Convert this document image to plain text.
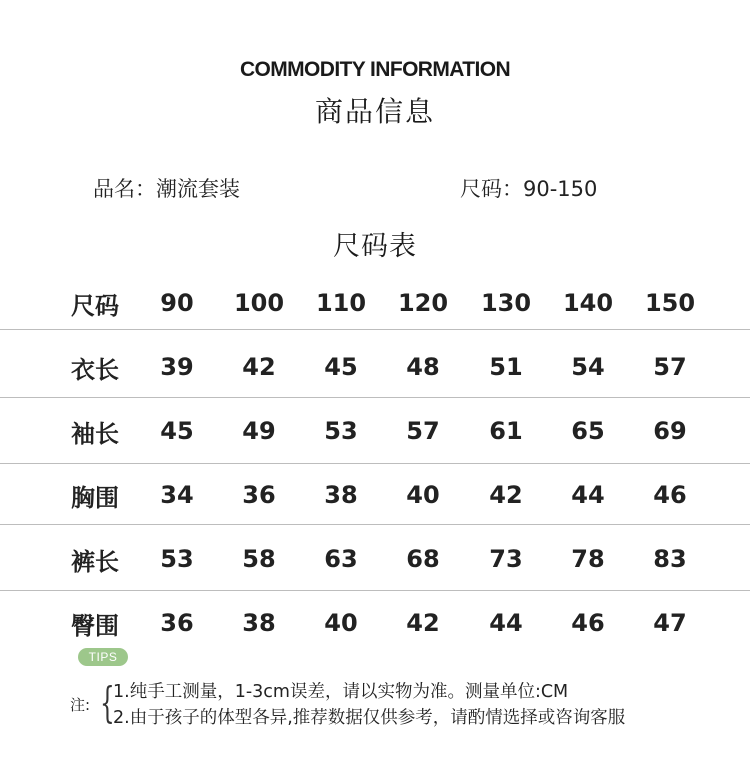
COMMODITY INFORMATION
商品信息
品名：潮流套装	尺码：90-150
尺码表
尺码 90 100 110 120 130 140 150
衣长 39 42 45 48 51 54 57
袖长 45 49 53 57 61 65 69
胸围 34 36 38 40 42 44 46
裤长 53 58 63 68 73 78 83
臀围 36 38 40 42 44 46 47
TIPS
注: {
1.纯手工测量，1-3cm误差，请以实物为准。测量单位:CM
2.由于孩子的体型各异,推荐数据仅供参考，请酌情选择或咨询客服
